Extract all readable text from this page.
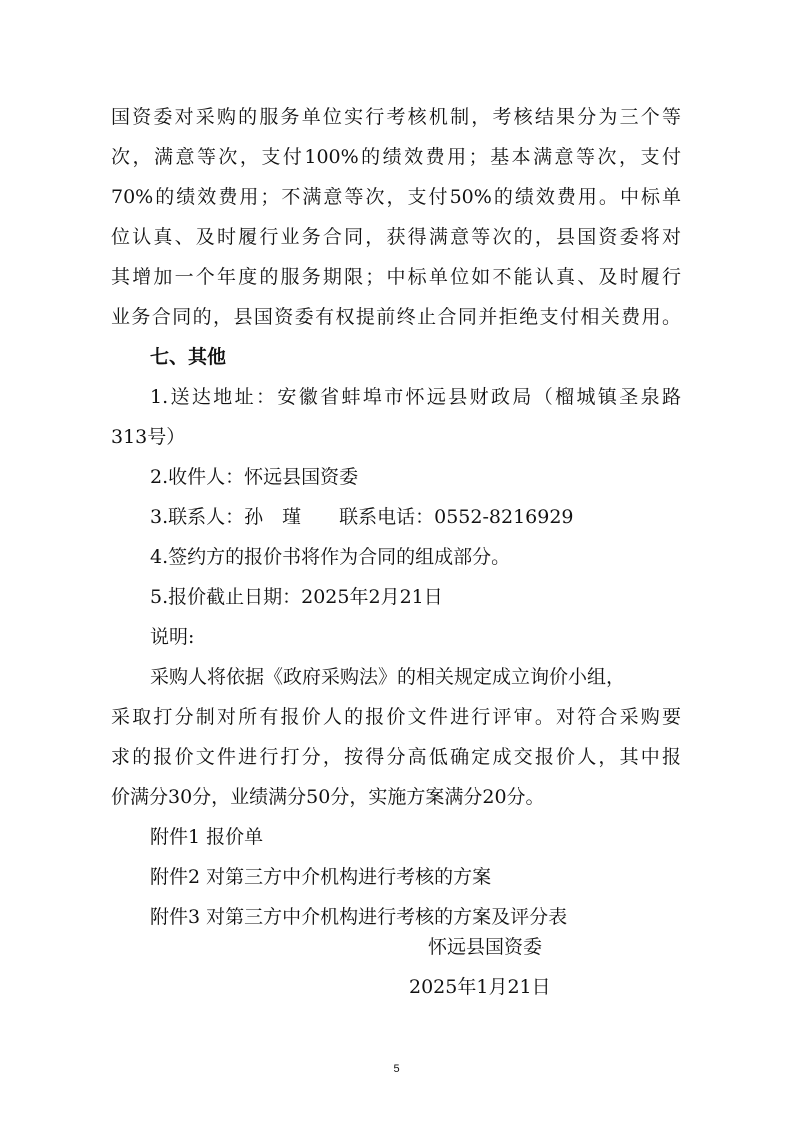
国资委对采购的服务单位实行考核机制，考核结果分为三个等
次，满意等次，支付100%的绩效费用；基本满意等次，支付
70%的绩效费用；不满意等次，支付50%的绩效费用。中标单
位认真、及时履行业务合同，获得满意等次的，县国资委将对
其增加一个年度的服务期限；中标单位如不能认真、及时履行
业务合同的，县国资委有权提前终止合同并拒绝支付相关费用。
七、其他
1.送达地址：安徽省蚌埠市怀远县财政局（榴城镇圣泉路
313号）
2.收件人：怀远县国资委
3.联系人：孙　瑾　　联系电话：0552-8216929
4.签约方的报价书将作为合同的组成部分。
5.报价截止日期：2025年2月21日
说明:
采购人将依据《政府采购法》的相关规定成立询价小组，
采取打分制对所有报价人的报价文件进行评审。对符合采购要
求的报价文件进行打分，按得分高低确定成交报价人，其中报
价满分30分，业绩满分50分，实施方案满分20分。
附件1 报价单
附件2 对第三方中介机构进行考核的方案
附件3 对第三方中介机构进行考核的方案及评分表
怀远县国资委
2025年1月21日
5
